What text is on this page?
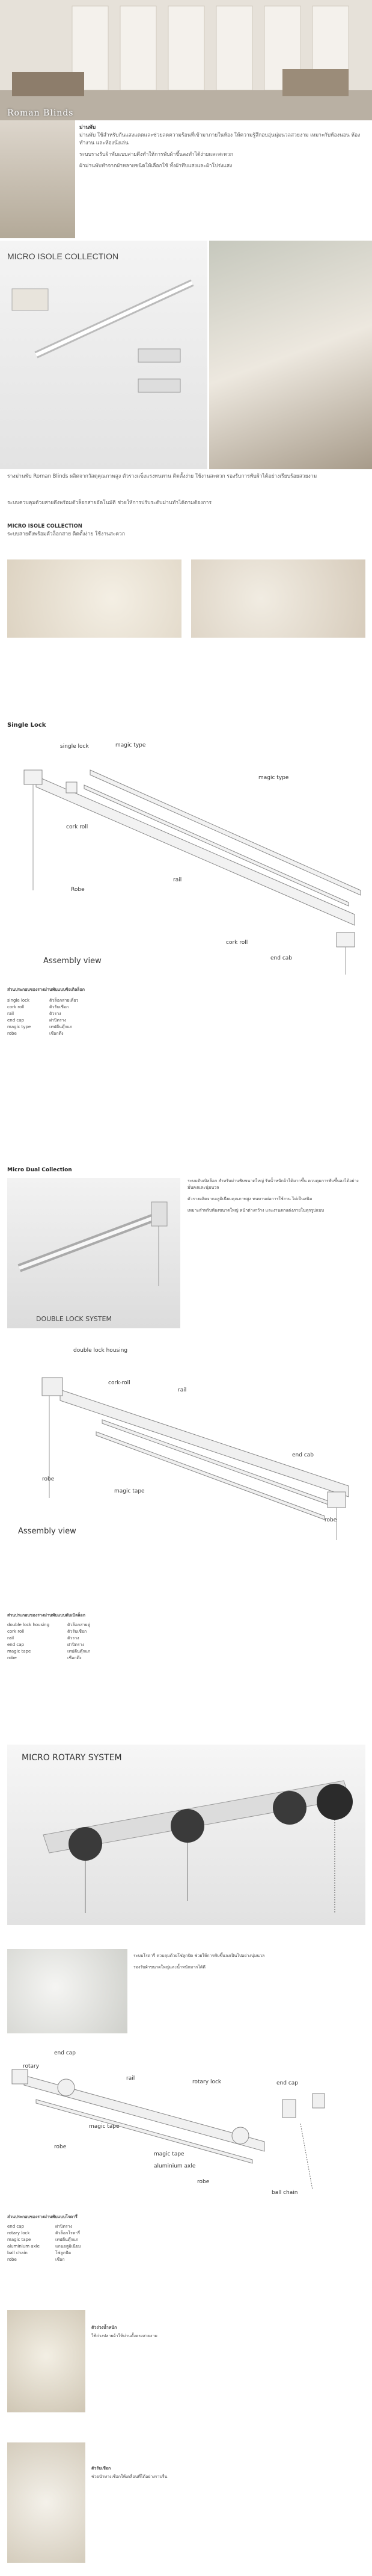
Roman Blinds
ม่านพับ
ม่านพับ ใช้สำหรับกันแสงแดดและช่วยลดความร้อนที่เข้ามาภายในห้อง ให้ความรู้สึกอบอุ่นนุ่มนวลสวยงาม เหมาะกับห้องนอน ห้องทำงาน และห้องนั่งเล่น
ระบบรางรับผ้าพับแบบสายดึงทำให้การพับผ้าขึ้นลงทำได้ง่ายและสะดวก
ผ้าม่านพับทำจากผ้าหลายชนิดให้เลือกใช้ ทั้งผ้าทึบแสงและผ้าโปร่งแสง
MICRO ISOLE COLLECTION
รางม่านพับ Roman Blinds ผลิตจากวัสดุคุณภาพสูง ตัวรางแข็งแรงทนทาน ติดตั้งง่าย ใช้งานสะดวก รองรับการพับผ้าได้อย่างเรียบร้อยสวยงาม
ระบบควบคุมด้วยสายดึงพร้อมตัวล็อกสายอัตโนมัติ ช่วยให้การปรับระดับม่านทำได้ตามต้องการ
MICRO ISOLE COLLECTION
ระบบสายดึงพร้อมตัวล็อกสาย ติดตั้งง่าย ใช้งานสะดวก
Single Lock
single lock	magic type
magic type
cork roll
rail
Robe
cork roll
end cab
Assembly view
ส่วนประกอบของรางม่านพับแบบซิงเกิลล็อก
single lock	ตัวล็อกสายเดี่ยว
cork roll	ตัวรับเชือก
rail	ตัวราง
end cap	ฝาปิดราง
magic type	เทปตีนตุ๊กแก
robe	เชือกดึง
Micro Dual Collection
DOUBLE LOCK SYSTEM
ระบบดับเบิลล็อก สำหรับม่านพับขนาดใหญ่ รับน้ำหนักผ้าได้มากขึ้น ควบคุมการพับขึ้นลงได้อย่างมั่นคงและนุ่มนวล
ตัวรางผลิตจากอลูมิเนียมคุณภาพสูง ทนทานต่อการใช้งาน ไม่เป็นสนิม
เหมาะสำหรับห้องขนาดใหญ่ หน้าต่างกว้าง และงานตกแต่งภายในทุกรูปแบบ
double lock housing
cork-roll
rail
end cab
robe
magic tape
robe
Assembly view
ส่วนประกอบของรางม่านพับแบบดับเบิลล็อก
double lock housing	ตัวล็อกสายคู่
cork roll	ตัวรับเชือก
rail	ตัวราง
end cap	ฝาปิดราง
magic tape	เทปตีนตุ๊กแก
robe	เชือกดึง
MICRO ROTARY SYSTEM
ระบบโรตารี่ ควบคุมด้วยโซ่ลูกปัด ช่วยให้การพับขึ้นลงเป็นไปอย่างนุ่มนวล
รองรับผ้าขนาดใหญ่และน้ำหนักมากได้ดี
end cap
rotary
rail
rotary lock	end cap
magic tape
magic tape
aluminium axle
robe
robe
ball chain
ส่วนประกอบของรางม่านพับแบบโรตารี่
end cap	ฝาปิดราง
rotary lock	ตัวล็อกโรตารี่
magic tape	เทปตีนตุ๊กแก
aluminium axle	แกนอลูมิเนียม
ball chain	โซ่ลูกปัด
robe	เชือก
ตัวถ่วงน้ำหนัก
ใช้ถ่วงปลายผ้าให้ม่านตั้งตรงสวยงาม
ตัวรับเชือก
ช่วยนำทางเชือกให้เคลื่อนที่ได้อย่างราบรื่น
